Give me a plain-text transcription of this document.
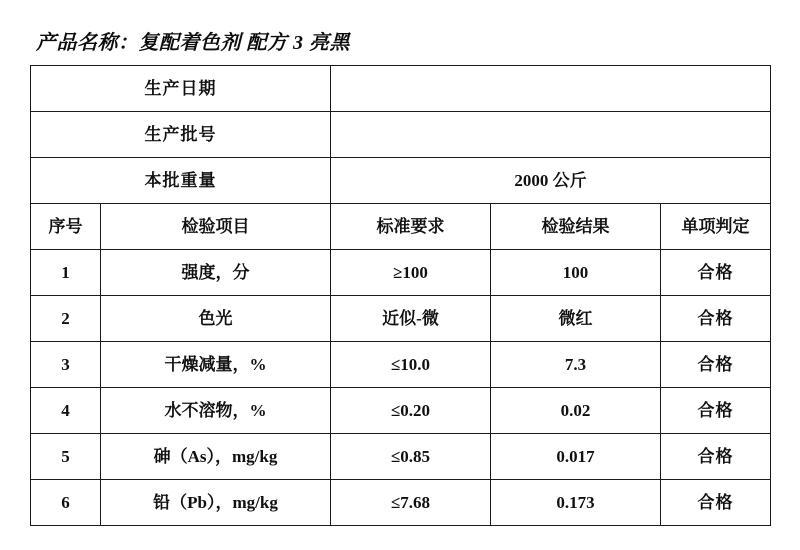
产品名称：复配着色剂 配方 3 亮黑
生产日期				
生产批号				
本批重量		2000 公斤		
序号	检验项目	标准要求	检验结果	单项判定
1	强度，分	≥100	100	合格
2	色光	近似-微	微红	合格
3	干燥减量，%	≤10.0	7.3	合格
4	水不溶物，%	≤0.20	0.02	合格
5	砷（As），mg/kg	≤0.85	0.017	合格
6	铅（Pb），mg/kg	≤7.68	0.173	合格
